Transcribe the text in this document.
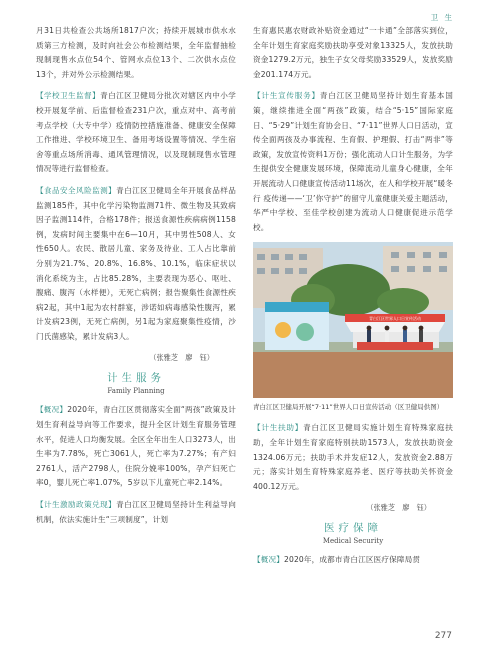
卫 生

月31日共检查公共场所1817户次；持续开展城市供水水质第三方检测，及时向社会公布检测结果，全年监督抽检现制现售水点位54个、管网水点位13个、二次供水点位13个，并对外公示检测结果。

【学校卫生监督】青白江区卫健局分批次对辖区内中小学校开展复学前、后监督检查231户次，重点对中、高考前考点学校（大专中学）疫情防控措施准备、健康安全保障工作推进、学校环境卫生、备用考场设置等情况、学生宿舍等重点场所消毒、通风管理情况，以及现制现售水管理情况等进行监督检查。

【食品安全风险监测】青白江区卫健局全年开展食品样品监测185件，其中化学污染物监测71件、微生物及其致病因子监测114件，合格178件；报送食源性疾病病例1158例，发病时间主要集中在6—10月，其中男性508人、女性650人。农民、散居儿童、家务及待业、工人占比靠前分别为21.7%、20.8%、16.8%、10.1%，临床症状以消化系统为主，占比85.28%，主要表现为恶心、呕吐、腹痛、腹泻（水样便），无死亡病例；报告聚集性食源性疾病2起，其中1起为农村群宴，涉诺如病毒感染性腹泻，累计发病23例，无死亡病例，另1起为家庭聚集性疫情，沙门氏菌感染，累计发病3人。

（张雅芝　廖　钰）

计生服务
Family Planning

【概况】2020年，青白江区贯彻落实全面“两孩”政策及计划生育利益导向等工作要求，提升全区计划生育服务管理水平，促进人口均衡发展。全区全年出生人口3273人，出生率为7.78%，死亡3061人，死亡率为7.27%；有产妇2761人，活产2798人，住院分娩率100%，孕产妇死亡率0，婴儿死亡率1.07%，5岁以下儿童死亡率2.14%。

【计生激励政策兑现】青白江区卫健局坚持计生利益导向机制，依法实施计生“三项制度”，计划

生育惠民惠农财政补贴资金通过“一卡通”全部落实到位，全年计划生育家庭奖励扶助享受对象13325人，发放扶助资金1279.2万元，独生子女父母奖励33529人，发放奖励金201.174万元。

【计生宣传服务】青白江区卫健局坚持计划生育基本国策，继续推进全面“两孩”政策，结合“5·15”国际家庭日、“5·29”计划生育协会日、“7·11”世界人口日活动，宣传全面两孩及办事流程、生育假、护理假、打击“两非”等政策，发放宣传资料1万份；强化流动人口计生服务，为学生提供安全健康发展环境，保障流动儿童身心健康，全年开展流动人口健康宣传活动11场次，在人和学校开展“暖冬行 疫传递——‘卫’你守护”的留守儿童健康关爱主题活动，华严中学校、至佳学校创建为流动人口健康促进示范学校。

青白江区世界人口日宣传活动

青白江区卫健局开展“7·11”世界人口日宣传活动（区卫健局供图）

【计生扶助】青白江区卫健局实施计划生育特殊家庭扶助，全年计划生育家庭特别扶助1573人，发放扶助资金1324.06万元；扶助手术并发症12人，发放资金2.88万元；落实计划生育特殊家庭养老、医疗等扶助关怀资金400.12万元。

（张雅芝　廖　钰）

医疗保障
Medical Security

【概况】2020年，成都市青白江区医疗保障局贯

277
